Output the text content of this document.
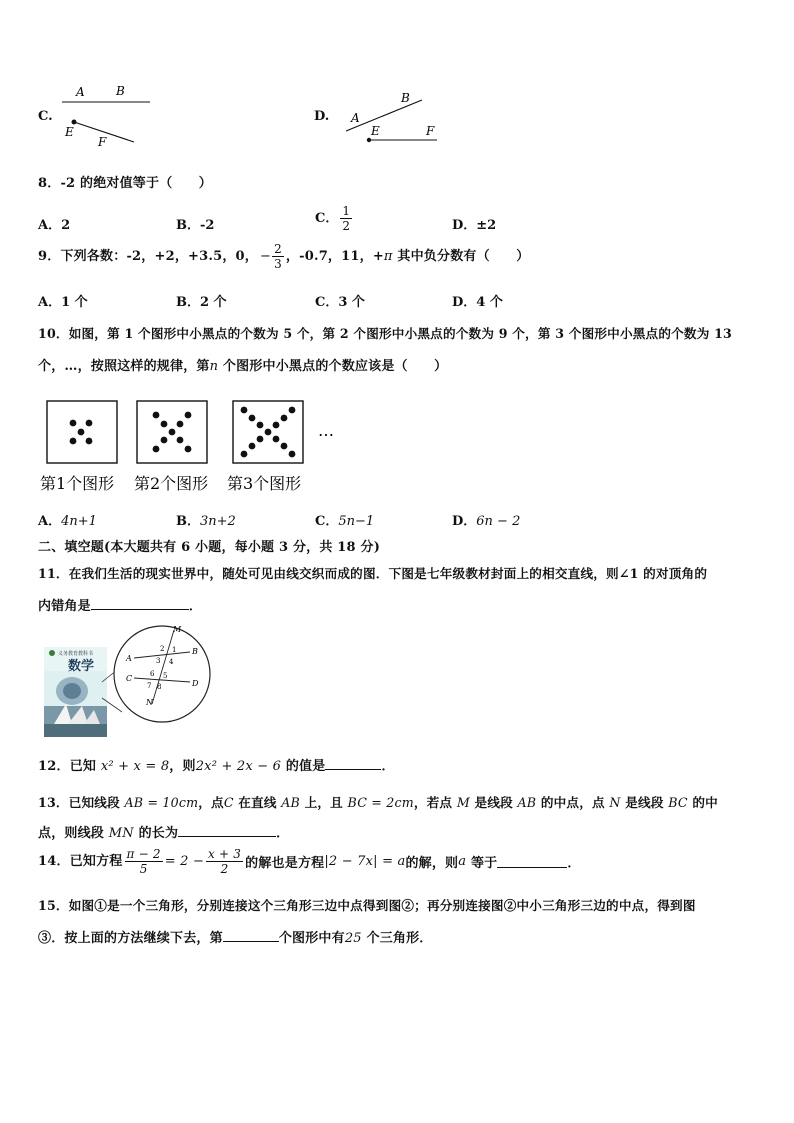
C.
A	B
E
F
D.
B
A
E	F
8．-2 的绝对值等于（　　）
A．2	B．-2	C． $\frac{1}{2}$	D．±2
9．下列各数：-2，+2，+3.5，0， − $\frac{2}{3}$ ，-0.7，11，+π 其中负分数有（　　）
A．1 个	B．2 个	C．3 个	D．4 个
10．如图，第 1 个图形中小黑点的个数为 5 个，第 2 个图形中小黑点的个数为 9 个，第 3 个图形中小黑点的个数为 13
个，…，按照这样的规律，第n 个图形中小黑点的个数应该是（　　）
…
第1个图形 第2个图形 第3个图形
A．4n+1	B．3n+2	C．5n−1	D．6n − 2
二、填空题(本大题共有 6 小题，每小题 3 分，共 18 分)
11．在我们生活的现实世界中，随处可见由线交织而成的图．下图是七年级教材封面上的相交直线，则∠1 的对顶角的
内错角是	．
义务教育教科书
数学
M
A
B
C
D
N
1
2
3 4
5
6
7 8
12．已知 x² + x = 8，则2x² + 2x − 6 的值是	．
13．已知线段 AB = 10cm，点C 在直线 AB 上，且 BC = 2cm，若点 M 是线段 AB 的中点，点 N 是线段 BC 的中
点，则线段 MN 的长为	．
14．已知方程 $\frac{\pi - 2}{5} = 2 - \frac{x + 3}{2}$ 的解也是方程|2 − 7x| = a的解，则a 等于	．
15．如图①是一个三角形，分别连接这个三角形三边中点得到图②；再分别连接图②中小三角形三边的中点，得到图
③．按上面的方法继续下去，第	个图形中有25 个三角形．
